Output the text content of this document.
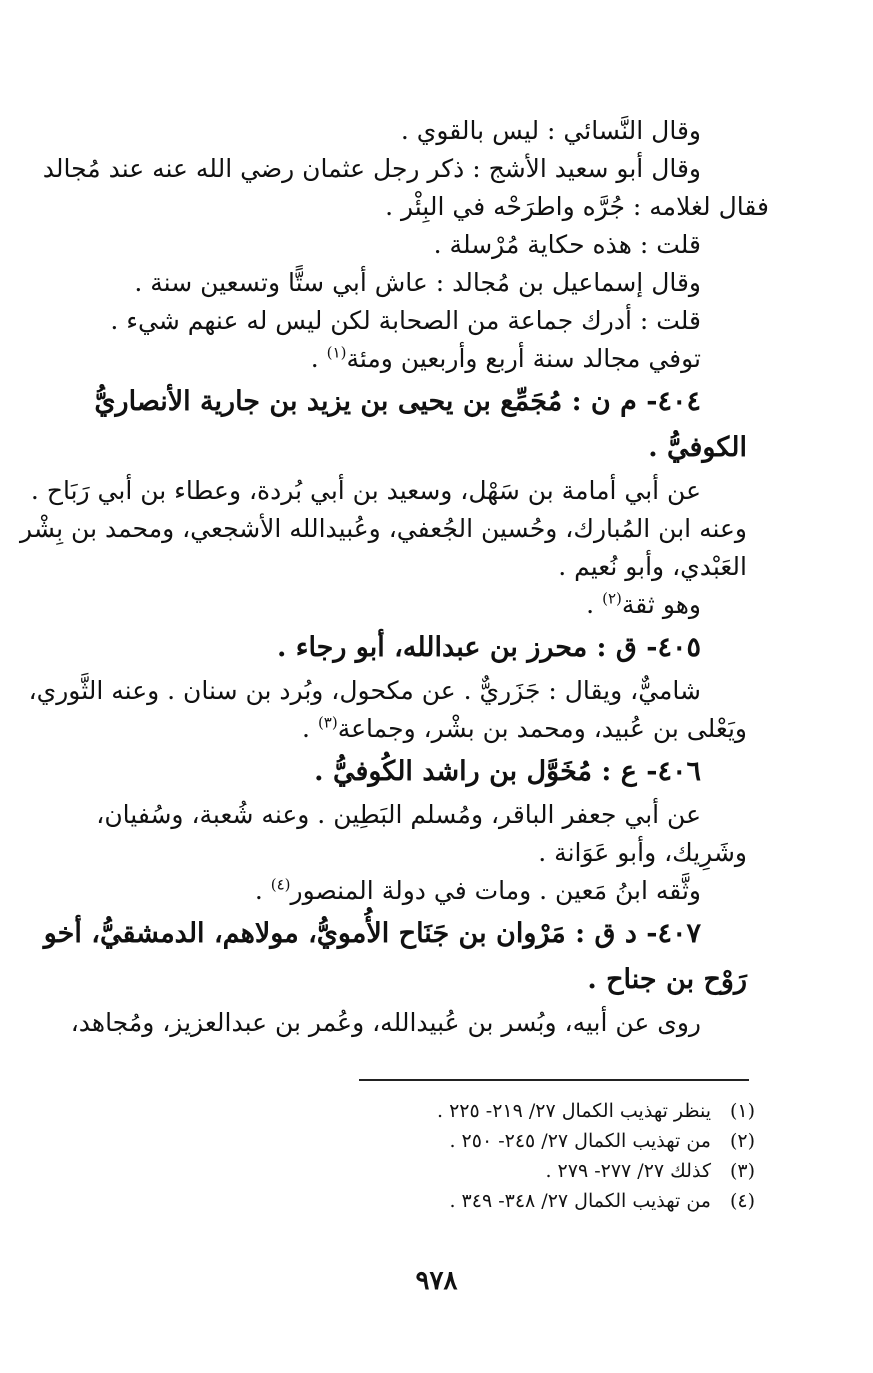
وقال النَّسائي : ليس بالقوي .
وقال أبو سعيد الأشج : ذكر رجل عثمان رضي الله عنه عند مُجالد
فقال لغلامه : جُرَّه واطرَحْه في البِئْر .
قلت : هذه حكاية مُرْسلة .
وقال إسماعيل بن مُجالد : عاش أبي ستًّا وتسعين سنة .
قلت : أدرك جماعة من الصحابة لكن ليس له عنهم شيء .
توفي مجالد سنة أربع وأربعين ومئة$^{(١)}$ .
٤٠٤- م ن : مُجَمِّع بن يحيى بن يزيد بن جارية الأنصاريُّ
الكوفيُّ .
عن أبي أمامة بن سَهْل، وسعيد بن أبي بُردة، وعطاء بن أبي رَبَاح .
وعنه ابن المُبارك، وحُسين الجُعفي، وعُبيدالله الأشجعي، ومحمد بن بِشْر
العَبْدي، وأبو نُعيم .
وهو ثقة$^{(٢)}$ .
٤٠٥- ق : محرز بن عبدالله، أبو رجاء .
شاميٌّ، ويقال : جَزَريٌّ . عن مكحول، وبُرد بن سنان . وعنه الثَّوري،
ويَعْلى بن عُبيد، ومحمد بن بشْر، وجماعة$^{(٣)}$ .
٤٠٦- ع : مُخَوَّل بن راشد الكُوفيُّ .
عن أبي جعفر الباقر، ومُسلم البَطِين . وعنه شُعبة، وسُفيان،
وشَرِيك، وأبو عَوَانة .
وثَّقه ابنُ مَعين . ومات في دولة المنصور$^{(٤)}$ .
٤٠٧- د ق : مَرْوان بن جَنَاح الأُمويُّ، مولاهم، الدمشقيُّ، أخو
رَوْح بن جناح .
روى عن أبيه، وبُسر بن عُبيدالله، وعُمر بن عبدالعزيز، ومُجاهد،
(١)ينظر تهذيب الكمال ٢٧/ ٢١٩- ٢٢٥ .
(٢)من تهذيب الكمال ٢٧/ ٢٤٥- ٢٥٠ .
(٣)كذلك ٢٧/ ٢٧٧- ٢٧٩ .
(٤)من تهذيب الكمال ٢٧/ ٣٤٨- ٣٤٩ .
٩٧٨
